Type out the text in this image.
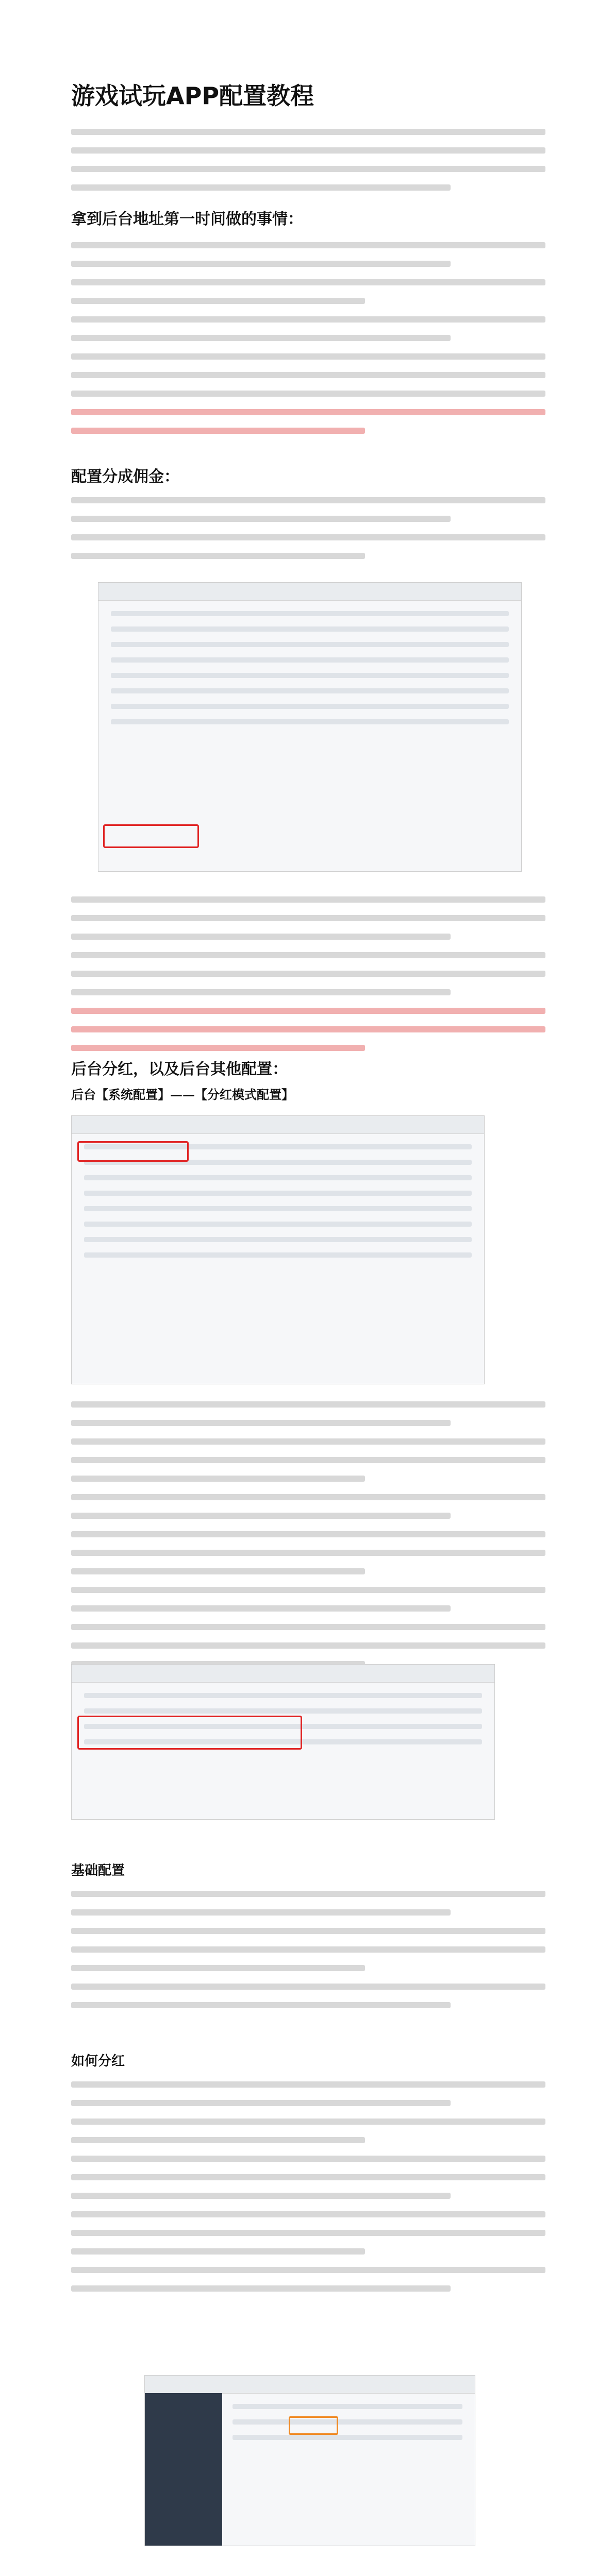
游戏试玩APP配置教程
拿到后台地址第一时间做的事情：
配置分成佣金：
后台分红，以及后台其他配置：
后台【系统配置】——【分红模式配置】
基础配置
如何分红
